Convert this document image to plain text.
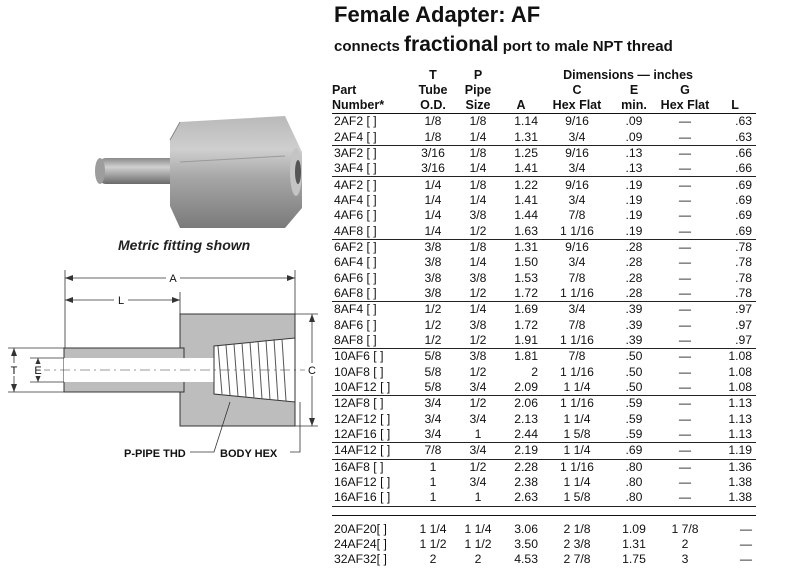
Metric fitting shown
A
L
T E	C
P-PIPE THD	BODY HEX
Female Adapter: AF
connects fractional port to male NPT thread
	T	P	Dimensions — inches				
Part	Tube	Pipe		C	E	G	
Number*	O.D.	Size	A	Hex Flat	min.	Hex Flat	L
2AF2 [ ]	1/8	1/8	1.14	9/16	.09	—	.63
2AF4 [ ]	1/8	1/4	1.31	3/4	.09	—	.63
3AF2 [ ]	3/16	1/8	1.25	9/16	.13	—	.66
3AF4 [ ]	3/16	1/4	1.41	3/4	.13	—	.66
4AF2 [ ]	1/4	1/8	1.22	9/16	.19	—	.69
4AF4 [ ]	1/4	1/4	1.41	3/4	.19	—	.69
4AF6 [ ]	1/4	3/8	1.44	7/8	.19	—	.69
4AF8 [ ]	1/4	1/2	1.63	1 1/16	.19	—	.69
6AF2 [ ]	3/8	1/8	1.31	9/16	.28	—	.78
6AF4 [ ]	3/8	1/4	1.50	3/4	.28	—	.78
6AF6 [ ]	3/8	3/8	1.53	7/8	.28	—	.78
6AF8 [ ]	3/8	1/2	1.72	1 1/16	.28	—	.78
8AF4 [ ]	1/2	1/4	1.69	3/4	.39	—	.97
8AF6 [ ]	1/2	3/8	1.72	7/8	.39	—	.97
8AF8 [ ]	1/2	1/2	1.91	1 1/16	.39	—	.97
10AF6 [ ]	5/8	3/8	1.81	7/8	.50	—	1.08
10AF8 [ ]	5/8	1/2	2	1 1/16	.50	—	1.08
10AF12 [ ]	5/8	3/4	2.09	1 1/4	.50	—	1.08
12AF8 [ ]	3/4	1/2	2.06	1 1/16	.59	—	1.13
12AF12 [ ]	3/4	3/4	2.13	1 1/4	.59	—	1.13
12AF16 [ ]	3/4	1	2.44	1 5/8	.59	—	1.13
14AF12 [ ]	7/8	3/4	2.19	1 1/4	.69	—	1.19
16AF8 [ ]	1	1/2	2.28	1 1/16	.80	—	1.36
16AF12 [ ]	1	3/4	2.38	1 1/4	.80	—	1.38
16AF16 [ ]	1	1	2.63	1 5/8	.80	—	1.38

20AF20[ ]	1 1/4	1 1/4	3.06	2 1/8	1.09	1 7/8	—
24AF24[ ]	1 1/2	1 1/2	3.50	2 3/8	1.31	2	—
32AF32[ ]	2	2	4.53	2 7/8	1.75	3	—
